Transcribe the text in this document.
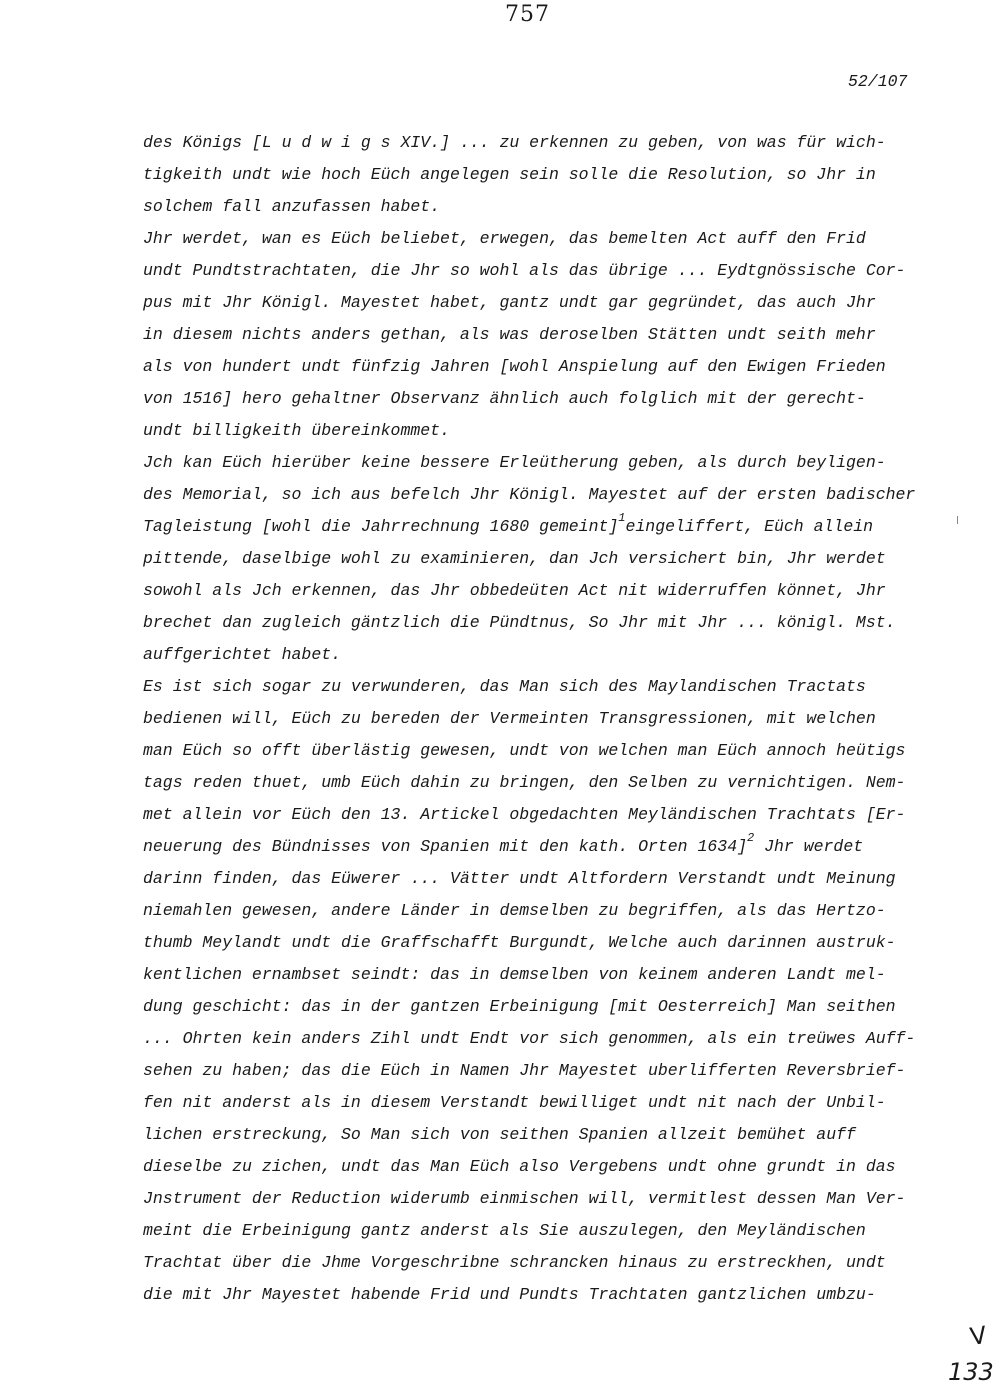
757
52/107
des Königs [L u d w i g s XIV.] ... zu erkennen zu geben, von was für wich-
tigkeith undt wie hoch Eüch angelegen sein solle die Resolution, so Jhr in
solchem fall anzufassen habet.
Jhr werdet, wan es Eüch beliebet, erwegen, das bemelten Act auff den Frid
undt Pundtstrachtaten, die Jhr so wohl als das übrige ... Eydtgnössische Cor-
pus mit Jhr Königl. Mayestet habet, gantz undt gar gegründet, das auch Jhr
in diesem nichts anders gethan, als was deroselben Stätten undt seith mehr
als von hundert undt fünfzig Jahren [wohl Anspielung auf den Ewigen Frieden
von 1516] hero gehaltner Observanz ähnlich auch folglich mit der gerecht-
undt billigkeith übereinkommet.
Jch kan Eüch hierüber keine bessere Erleütherung geben, als durch beyligen-
des Memorial, so ich aus befelch Jhr Königl. Mayestet auf der ersten badischer
Tagleistung [wohl die Jahrrechnung 1680 gemeint]$^1$eingeliffert, Eüch allein
pittende, daselbige wohl zu examinieren, dan Jch versichert bin, Jhr werdet
sowohl als Jch erkennen, das Jhr obbedeüten Act nit widerruffen könnet, Jhr
brechet dan zugleich gäntzlich die Pündtnus, So Jhr mit Jhr ... königl. Mst.
auffgerichtet habet.
Es ist sich sogar zu verwunderen, das Man sich des Maylandischen Tractats
bedienen will, Eüch zu bereden der Vermeinten Transgressionen, mit welchen
man Eüch so offt überlästig gewesen, undt von welchen man Eüch annoch heütigs
tags reden thuet, umb Eüch dahin zu bringen, den Selben zu vernichtigen. Nem-
met allein vor Eüch den 13. Artickel obgedachten Meyländischen Trachtats [Er-
neuerung des Bündnisses von Spanien mit den kath. Orten 1634]$^2$ Jhr werdet
darinn finden, das Eüwerer ... Vätter undt Altfordern Verstandt undt Meinung
niemahlen gewesen, andere Länder in demselben zu begriffen, als das Hertzo-
thumb Meylandt undt die Graffschafft Burgundt, Welche auch darinnen austruk-
kentlichen ernambset seindt: das in demselben von keinem anderen Landt mel-
dung geschicht: das in der gantzen Erbeinigung [mit Oesterreich] Man seithen
... Ohrten kein anders Zihl undt Endt vor sich genommen, als ein treüwes Auff-
sehen zu haben; das die Eüch in Namen Jhr Mayestet uberlifferten Reversbrief-
fen nit anderst als in diesem Verstandt bewilliget undt nit nach der Unbil-
lichen erstreckung, So Man sich von seithen Spanien allzeit bemühet auff
dieselbe zu zichen, undt das Man Eüch also Vergebens undt ohne grundt in das
Jnstrument der Reduction widerumb einmischen will, vermitlest dessen Man Ver-
meint die Erbeinigung gantz anderst als Sie auszulegen, den Meyländischen
Trachtat über die Jhme Vorgeschribne schrancken hinaus zu erstreckhen, undt
die mit Jhr Mayestet habende Frid und Pundts Trachtaten gantzlichen umbzu-
V
133
